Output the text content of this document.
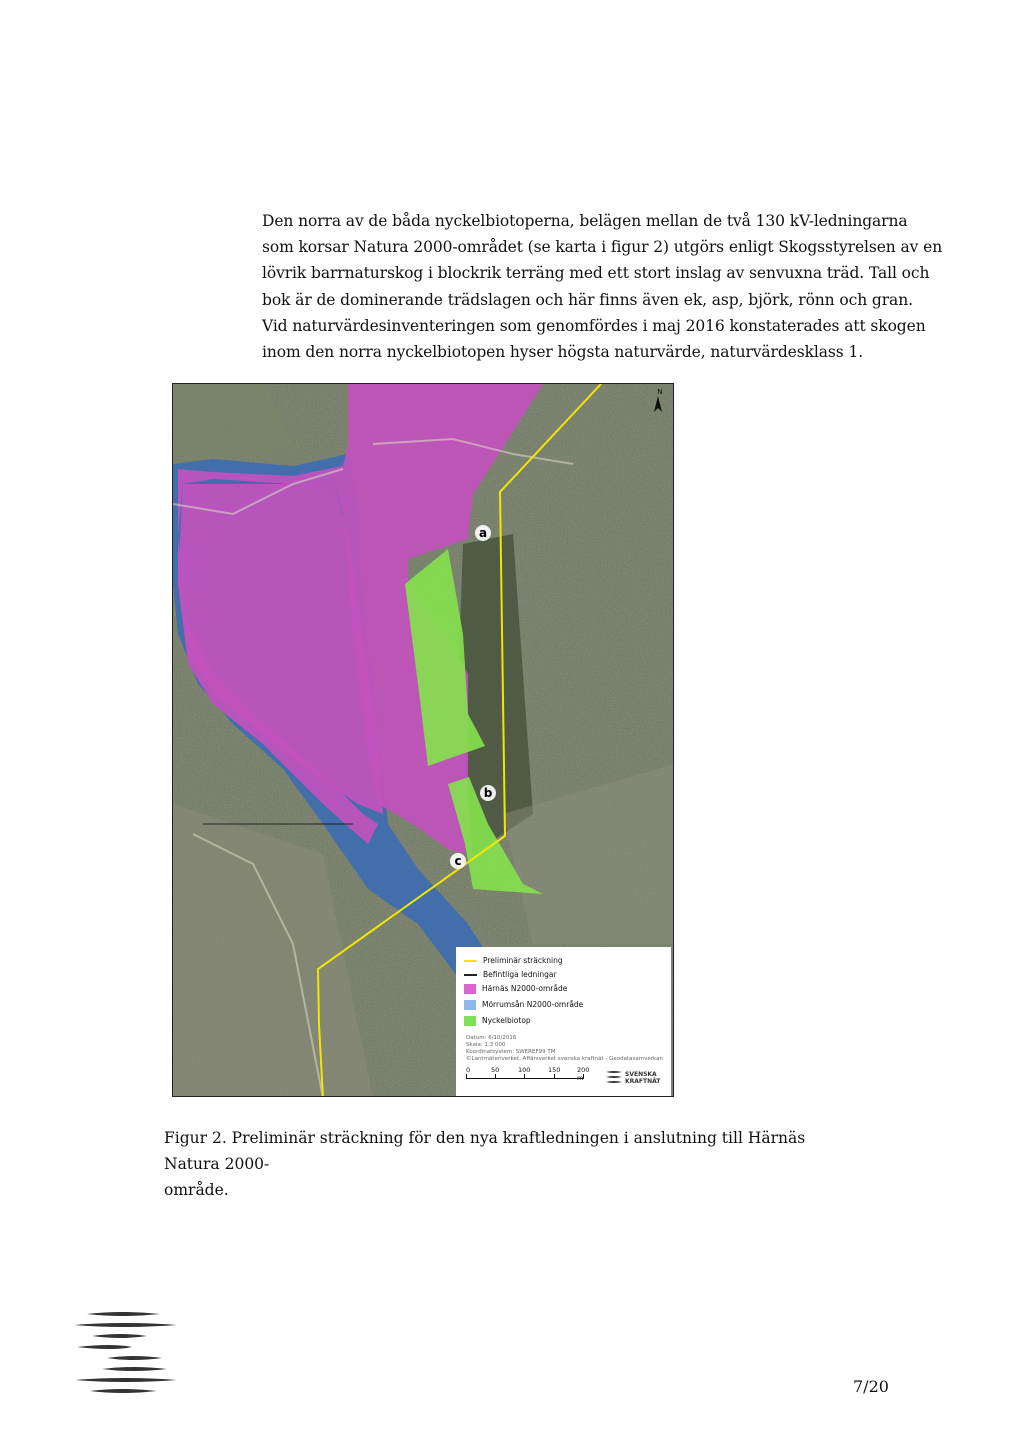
Den norra av de båda nyckelbiotoperna, belägen mellan de två 130 kV-ledningarna
som korsar Natura 2000-området (se karta i figur 2) utgörs enligt Skogsstyrelsen av en
lövrik barrnaturskog i blockrik terräng med ett stort inslag av senvuxna träd. Tall och
bok är de dominerande trädslagen och här finns även ek, asp, björk, rönn och gran.
Vid naturvärdesinventeringen som genomfördes i maj 2016 konstaterades att skogen
inom den norra nyckelbiotopen hyser högsta naturvärde, naturvärdesklass 1.
a
b
c
N
Preliminär sträckning
Befintliga ledningar
Härnäs N2000-område
Mörrumsån N2000-område
Nyckelbiotop
Datum: 6/10/2016
Skala: 1:3 000
Koordinatsystem: SWEREF99 TM
©Lantmäteriverket, Affärsverket svenska kraftnät - Geodatasamverkan
0	50	100	150	200 m	SVENSKA
KRAFTNÄT
Figur 2. Preliminär sträckning för den nya kraftledningen i anslutning till Härnäs Natura 2000-
område.
7/20
